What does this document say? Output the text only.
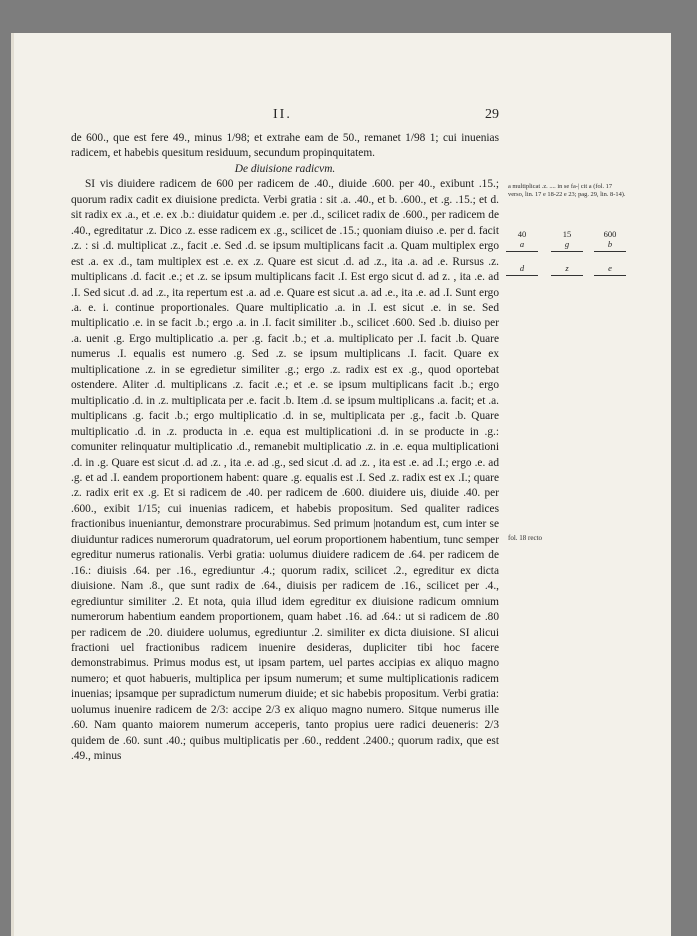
II.	29

de 600., que est fere 49., minus 1/98; et extrahe eam de 50., remanet 1/98 1; cui inuenias radicem, et habebis quesitum residuum, secundum propinquitatem.

De diuisione radicvm.

SI vis diuidere radicem de 600 per radicem de .40., diuide .600. per 40., exibunt .15.; quorum radix cadit ex diuisione predicta. Verbi gratia : sit .a. .40., et b. .600., et .g. .15.; et d. sit radix ex .a., et .e. ex .b.: diuidatur quidem .e. per .d., scilicet radix de .600., per radicem de .40., egreditatur .z. Dico .z. esse radicem ex .g., scilicet de .15.; quoniam diuiso .e. per d. facit .z. : si .d. multiplicat .z., facit .e. Sed .d. se ipsum multiplicans facit .a. Quam multiplex ergo est .a. ex .d., tam multiplex est .e. ex .z. Quare est sicut .d. ad .z., ita .a. ad .e. Rursus .z. multiplicans .d. facit .e.; et .z. se ipsum multiplicans facit .I. Est ergo sicut d. ad z. , ita .e. ad .I. Sed sicut .d. ad .z., ita repertum est .a. ad .e. Quare est sicut .a. ad .e., ita .e. ad .I. Sunt ergo .a. e. i. continue proportionales. Quare multiplicatio .a. in .I. est sicut .e. in se. Sed multiplicatio .e. in se facit .b.; ergo .a. in .I. facit similiter .b., scilicet .600. Sed .b. diuiso per .a. uenit .g. Ergo multiplicatio .a. per .g. facit .b.; et .a. multiplicato per .I. facit .b. Quare numerus .I. equalis est numero .g. Sed .z. se ipsum multiplicans .I. facit. Quare ex multiplicatione .z. in se egredietur similiter .g.; ergo .z. radix est ex .g., quod oportebat ostendere. Aliter .d. multiplicans .z. facit .e.; et .e. se ipsum multiplicans facit .b.; ergo multiplicatio .d. in .z. multiplicata per .e. facit .b. Item .d. se ipsum multiplicans .a. facit; et .a. multiplicans .g. facit .b.; ergo multiplicatio .d. in se, multiplicata per .g., facit .b. Quare multiplicatio .d. in .z. producta in .e. equa est multiplicationi .d. in se producte in .g.: comuniter relinquatur multiplicatio .d., remanebit multiplicatio .z. in .e. equa multiplicationi .d. in .g. Quare est sicut .d. ad .z. , ita .e. ad .g., sed sicut .d. ad .z. , ita est .e. ad .I.; ergo .e. ad .g. et ad .I. eandem proportionem habent: quare .g. equalis est .I. Sed .z. radix est ex .I.; quare .z. radix erit ex .g. Et si radicem de .40. per radicem de .600. diuidere uis, diuide .40. per .600., exibit 1/15; cui inuenias radicem, et habebis propositum. Sed qualiter radices fractionibus inueniantur, demonstrare procurabimus. Sed primum |notandum est, cum inter se diuiduntur radices numerorum quadratorum, uel eorum proportionem habentium, tunc semper egreditur numerus rationalis. Verbi gratia: uolumus diuidere radicem de .64. per radicem de .16.: diuisis .64. per .16., egrediuntur .4.; quorum radix, scilicet .2., egreditur ex dicta diuisione. Nam .8., que sunt radix de .64., diuisis per radicem de .16., scilicet per .4., egrediuntur similiter .2. Et nota, quia illud idem egreditur ex diuisione radicum omnium numerorum habentium eandem proportionem, quam habet .16. ad .64.: ut si radicem de .80 per radicem de .20. diuidere uolumus, egrediuntur .2. similiter ex dicta diuisione. SI alicui fractioni uel fractionibus radicem inuenire desideras, dupliciter tibi hoc facere demonstrabimus. Primus modus est, ut ipsam partem, uel partes accipias ex aliquo magno numero; et quot habueris, multiplica per ipsum numerum; et sume multiplicationis radicem inuenias; ipsamque per supradictum numerum diuide; et sic habebis propositum. Verbi gratia: uolumus inuenire radicem de 2/3: accipe 2/3 ex aliquo magno numero. Sitque numerus ille .60. Nam quanto maiorem numerum acceperis, tanto propius uere radici deueneris: 2/3 quidem de .60. sunt .40.; quibus multiplicatis per .60., reddent .2400.; quorum radix, que est .49., minus

a multiplicat .z. .... in se fa-| cit a (fol. 17 verso, lin. 17 e 18-22 e 23; pag. 29, lin. 8-14).
40	15	600
a	g	b
d	z	e
fol. 18 recto
